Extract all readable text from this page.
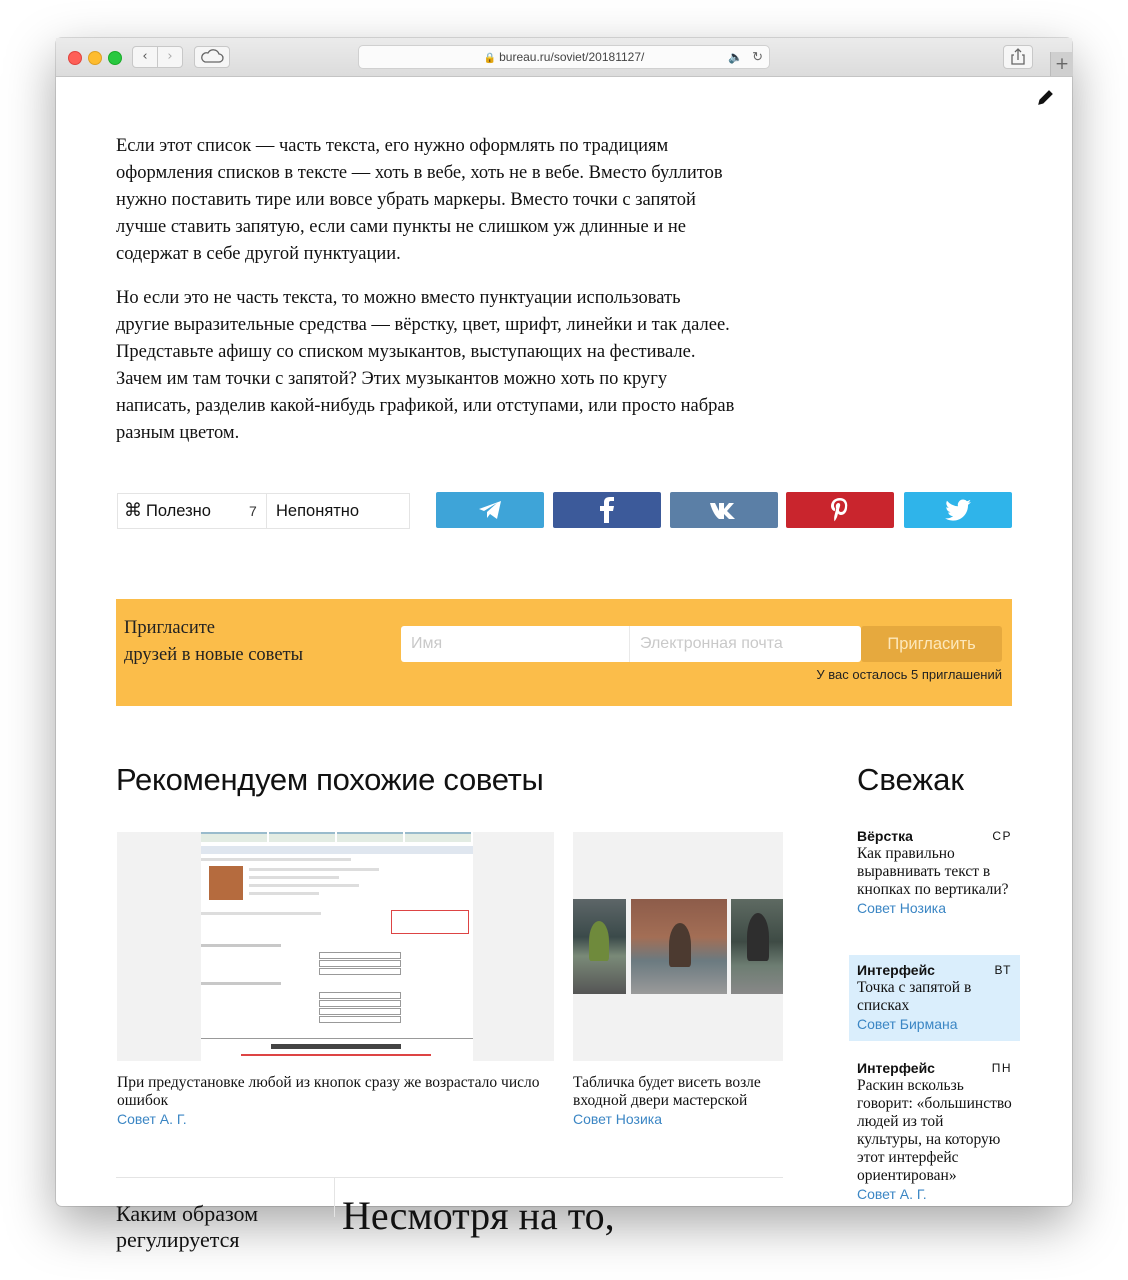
‹	›	🔒 bureau.ru/soviet/20181127/	🔈 ↻	+

Если этот список — часть текста, его нужно оформлять по традициям оформления списков в тексте — хоть в вебе, хоть не в вебе. Вместо буллитов нужно поставить тире или вовсе убрать маркеры. Вместо точки с запятой лучше ставить запятую, если сами пункты не слишком уж длинные и не содержат в себе другой пунктуации.

Но если это не часть текста, то можно вместо пунктуации использовать другие выразительные средства — вёрстку, цвет, шрифт, линейки и так далее. Представьте афишу со списком музыкантов, выступающих на фестивале. Зачем им там точки с запятой? Этих музыкантов можно хоть по кругу написать, разделив какой-нибудь графикой, или отступами, или просто набрав разным цветом.

⌘ Полезно	7 Непонятно
Пригласите
друзей в новые советы
Имя	Электронная почта	Пригласить
У вас осталось 5 приглашений
Рекомендуем похожие советы	Свежак
При предустановке любой из кнопок сразу же возрастало число ошибок
Совет А. Г.
Табличка будет висеть возле входной двери мастерской
Совет Нозика
Каким образом регулируется
Несмотря на то,
Вёрстка	СР
Как правильно выравнивать текст в кнопках по вертикали?
Совет Нозика
Интерфейс	ВТ
Точка с запятой в списках
Совет Бирмана
Интерфейс	ПН
Раскин вскользь говорит: «большинство людей из той культуры, на которую этот интерфейс ориентирован»
Совет А. Г.
